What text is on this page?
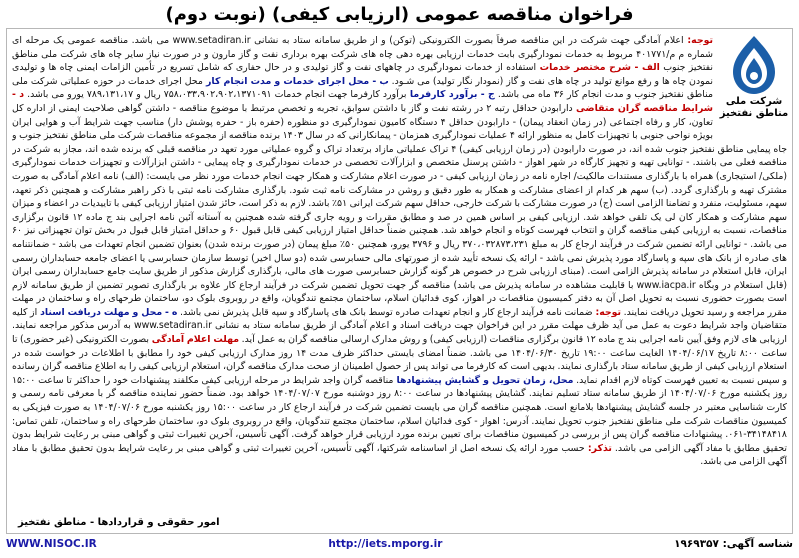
فراخوان مناقصه عمومی (ارزیابی کیفی) (نوبت دوم)
شرکت ملی
مناطق نفتخیز
توجه: اعلام آمادگی جهت شرکت در این مناقصه صرفاً بصورت الکترونیکی (توکن) و از طریق سامانه ستاد به نشانی www.setadiran.ir می باشد. مناقصه عمومی یک مرحله ای شماره م م/۴۰۱۷۷۱ مربوط به خدمات نمودارگیری بابت خدمات ارزیابی بهره دهی چاه های شرکت بهره برداری نفت و گاز مارون و در صورت نیاز سایر چاه های شرکت ملی مناطق نفتخیز جنوب الف - شرح مختصر خدمات استفاده از خدمات نمودارگیری در چاههای نفت و گاز تولیدی و در حال حفاری که شامل تسریع در تأمین الزامات ایمنی چاه ها و تولیدی نمودن چاه ها و رفع موانع تولید در چاه های نفت و گاز (نمودار نگار تولید) می شـود. ب - محل اجرای خدمات و مدت انجام کار محل اجرای خدمات در حوزه عملیاتی شرکت ملی مناطق نفتخیز جنوب و مدت انجام کار ۳۶ ماه می باشد. ج - برآورد کارفرما برآورد کارفرما جهت انجام خدمات ۷۵۸،۰۳۳،۹۰۲،۹۰۲،۱۳۷۱۰۹۱ ریال و ۷۸۹،۱۳۱،۱۷ یورو می باشد. د - شرایط مناقصه گران متقاضی دارابودن حداقل رتبه ۲ در رشته نفت و گاز با داشتن سوابق، تجربه و تخصص مرتبط با موضوع مناقصه - داشتن گواهی صلاحیت ایمنی از اداره کل تعاون، کار و رفاه اجتماعی (در زمان انعقاد پیمان) - دارابودن حداقل ۴ دستگاه کامیون نمودارگیری دو منظوره (حفره باز - حفره پوشش دار) مناسب جهت شرایط آب و هوایی ایران بویژه نواحی جنوبی با تجهیزات کامل به منظور ارائه ۴ عملیات نمودارگیری همزمان - پیمانکارانی که در سال ۱۴۰۳ برنده مناقصه از مجموعه مناقصات شرکت ملی مناطق نفتخیز جنوب و جاه پیمایی مناطق نفتخیز جنوب شده اند، در صورت دارابودن (در زمان ارزیابی کیفی) ۴ تراک عملیاتی مازاد برتعداد تراک و گروه عملیاتی مورد تعهد در مناقصه قبلی که برنده شده اند، مجاز به شرکت در مناقصه فعلی می باشند. - توانایی تهیه و تجهیز کارگاه در شهر اهواز - داشتن پرسنل متخصص و ابزارآلات تخصصی در خدمات نمودارگیری و چاه پیمایی - داشتن ابزارآلات و تجهیزات خدمات نمودارگیری (ملکی/ استیجاری) همراه با بارگذاری مستندات مالکیت/ اجاره نامه در زمان ارزیابی کیفی - در صورت اعلام مشارکت و همکار جهت انجام خدمات مورد نظر می بایست: (الف) نامه اعلام آمادگی به صورت مشترک تهیه و بارگذاری گردد. (ب) سهم هر کدام از اعضای مشارکت و همکار به طور دقیق و روشن در مشارکت نامه ثبت شود. بارگذاری مشارکت نامه ثبتی با ذکر راهبر مشارکت و همچنین ذکر تعهد، سهم، مسئولیت، منفرد و تضامنا الزامی است (ج) در صورت مشارکت با شرکت خارجی، حداقل سهم شرکت ایرانی ۵۱٪ باشد. لازم به ذکر است، حائز شدن امتیاز ارزیابی کیفی با تاییدیات در اعضاء و میزان سهم مشارکت و همکار کان لی یک تلقی خواهد شد. ارزیابی کیفی بر اساس همین در صد و مطابق مقررات و رویه جاری گرفته شده همچنین به آستانه آئین نامه اجرایی بند ج ماده ۱۲ قانون برگزاری مناقصات، نسبت به ارزیابی کیفی مناقصه گران و انتخاب فهرست کوتاه و انجام خواهد شد. همچنین ضمناً حداقل امتیاز ارزیابی کیفی قابل قبول ۶۰ و حداقل امتیاز قابل قبول در بخش توان تجهیزاتی نیز ۶۰ می باشد. - توانایی ارائه تضمین شرکت در فرآیند ارجاع کار به مبلغ ۳۷۰،۰۳۲۸۷۳،۲۳۱ ریال و ۳۷۹۶ یورو، همچنین ۵۰٪ مبلغ پیمان (در صورت برنده شدن) بعنوان تضمین انجام تعهدات می باشد - ضمانتنامه های صادره از بانک های سپه و پاسارگاد مورد پذیرش نمی باشد - ارائه یک نسخه تأیید شده از صورتهای مالی حسابرسی شده (دو سال اخیر) توسط سازمان حسابرسی یا اعضای جامعه حسابداران رسمی ایران، قابل استعلام در سامانه پذیرش الزامی است. (مبنای ارزیابی شرح در خصوص هر گونه گزارش حسابرسی صورت های مالی، بارگذاری گزارش مذکور از طریق سایت جامع حسابداران رسمی ایران (قابل استعلام در وبگاه www.iacpa.ir با قابلیت مشاهده در سامانه پذیرش می باشد) مناقصه گر جهت تحویل تضمین شرکت در فرآیند ارجاع کار علاوه بر بارگذاری تصویر تضمین از طریق سامانه لازم است بصورت حضوری نسبت به تحویل اصل آن به دفتر کمیسیون مناقصات در اهواز، کوی فدائیان اسلام، ساختمان مجتمع تندگویان، واقع در روبروی بلوک دو، ساختمان طرحهای راه و ساختمان در مهلت مقرر مراجعه و رسید تحویل دریافت نمایند. توجه: ضمانت نامه فرآیند ارجاع کار و انجام تعهدات صادره توسط بانک های پاسارگاد و سپه قابل پذیرش نمی باشد. ه - محل و مهلت دریافت اسناد از کلیه متقاضیان واجد شرایط دعوت به عمل می آید ظرف مهلت مقرر در این فراخوان جهت دریافت اسناد و اعلام آمادگی از طریق سامانه ستاد به نشانی www.setadiran.ir به آدرس مذکور مراجعه نمایند. ارزیابی های لازم وفق آیین نامه اجرایی بند ج ماده ۱۲ قانون برگزاری مناقصات (ارزیابی کیفی) و روش مدارک ارسالی مناقصه گران به عمل آید. مهلت اعلام آمادگی بصورت الکترونیکی (غیر حضوری) تا ساعت ۸:۰۰ تاریخ ۱۴۰۴/۰۶/۱۷ الغایت ساعت ۱۹:۰۰ تاریخ ۱۴۰۴/۰۶/۳۰ می باشد. ضمناً امضای بایستی حداکثر ظرف مدت ۱۴ روز مدارک ارزیابی کیفی خود را مطابق با اطلاعات در خواست شده در استعلام ارزیابی کیفی از طریق سامانه ستاد بارگذاری نمایند. بدیهی است که کارفرما می تواند پس از حصول اطمینان از صحت مدارک مناقصه گران، استعلام ارزیابی کیفی را به اطلاع مناقصه گران رسانده و سپس نسبت به تعیین فهرست کوتاه لازم اقدام نماید. محل، زمان تحویل و گشایش پیشنهادها مناقصه گران واجد شرایط در مرحله ارزیابی کیفی مکلفند پیشنهادات خود را حداکثر تا ساعت ۱۵:۰۰ روز یکشنبه مورخ ۱۴۰۴/۰۷/۰۶ از طریق سامانه ستاد تسلیم نمایند. گشایش پیشنهادها در ساعت ۸:۰۰ روز دوشنبه مورخ ۱۴۰۴/۰۷/۰۷ خواهد بود. ضمناً حضور نماینده مناقصه گر با معرفی نامه رسمی و کارت شناسایی معتبر در جلسه گشایش پیشنهادها بلامانع است. همچنین مناقصه گران می بایست تضمین شرکت در فرآیند ارجاع کار در ساعت ۱۵:۰۰ روز یکشنبه مورخ ۱۴۰۴/۰۷/۰۶ به صورت فیزیکی به کمیسیون مناقصات شرکت ملی مناطق نفتخیز جنوب تحویل نمایند. آدرس: اهواز - کوی فدائیان اسلام، ساختمان مجتمع تندگویان، واقع در روبروی بلوک دو، ساختمان طرحهای راه و ساختمان، تلفن تماس: ۳۴۱۴۸۴۱۸-۰۶۱. پیشنهادات مناقصه گران پس از بررسی در کمیسیون مناقصات برای تعیین برنده مورد ارزیابی قرار خواهد گرفت. آگهی تأسیس، آخرین تغییرات ثبتی و گواهی مبنی بر رعایت شرایط بدون تحقیق مطابق با مفاد آگهی الزامی می باشد. تذکر: حسب مورد ارائه یک نسخه اصل از اساسنامه شرکتها، آگهی تأسیس، آخرین تغییرات ثبتی و گواهی مبنی بر رعایت شرایط بدون تحقیق مطابق با مفاد آگهی الزامی می باشد.
امور حقوقی و قراردادها - مناطق نفتخیز
WWW.NISOC.IR	http://iets.mporg.ir	شناسه آگهی: ۱۹۶۹۳۵۷
